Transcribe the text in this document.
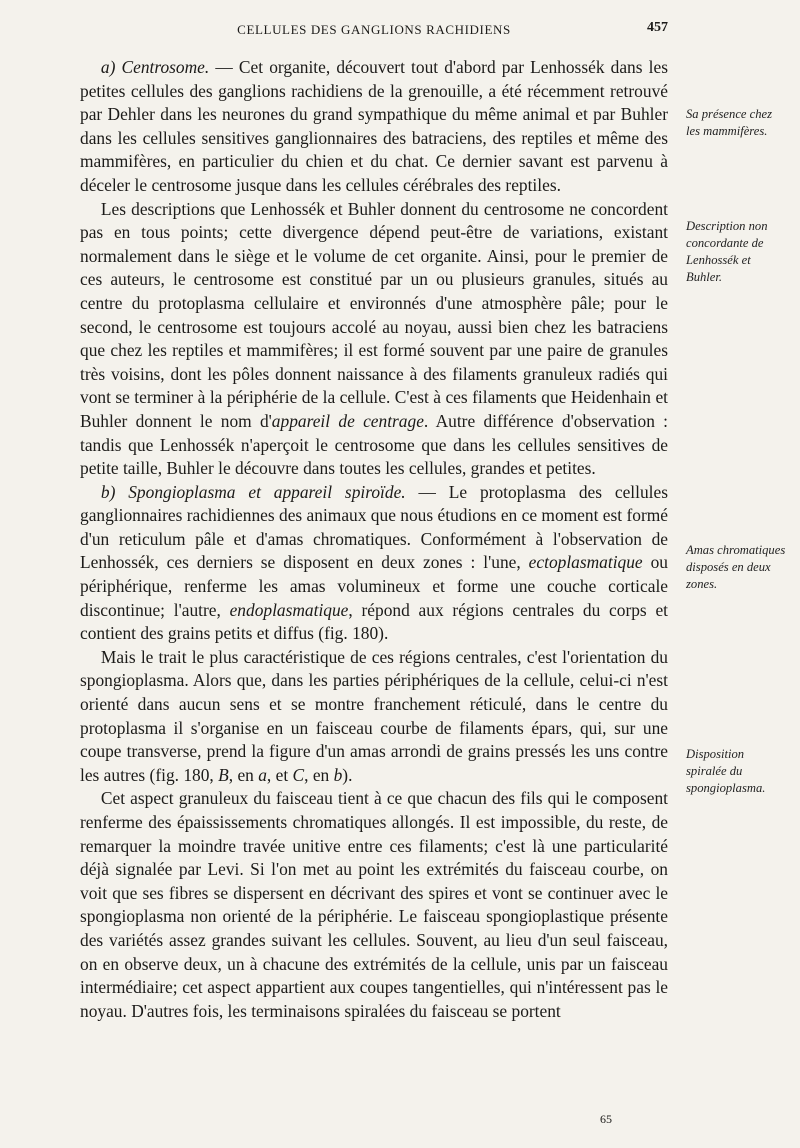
CELLULES DES GANGLIONS RACHIDIENS	457

a) Centrosome. — Cet organite, découvert tout d'abord par Lenhossék dans les petites cellules des ganglions rachidiens de la grenouille, a été récemment retrouvé par Dehler dans les neurones du grand sympathique du même animal et par Buhler dans les cellules sensitives ganglionnaires des batraciens, des reptiles et même des mammifères, en particulier du chien et du chat. Ce dernier savant est parvenu à déceler le centrosome jusque dans les cellules cérébrales des reptiles.

Les descriptions que Lenhossék et Buhler donnent du centrosome ne concordent pas en tous points; cette divergence dépend peut-être de variations, existant normalement dans le siège et le volume de cet organite. Ainsi, pour le premier de ces auteurs, le centrosome est constitué par un ou plusieurs granules, situés au centre du protoplasma cellulaire et environnés d'une atmosphère pâle; pour le second, le centrosome est toujours accolé au noyau, aussi bien chez les batraciens que chez les reptiles et mammifères; il est formé souvent par une paire de granules très voisins, dont les pôles donnent naissance à des filaments granuleux radiés qui vont se terminer à la périphérie de la cellule. C'est à ces filaments que Heidenhain et Buhler donnent le nom d'appareil de centrage. Autre différence d'observation : tandis que Lenhossék n'aperçoit le centrosome que dans les cellules sensitives de petite taille, Buhler le découvre dans toutes les cellules, grandes et petites.

b) Spongioplasma et appareil spiroïde. — Le protoplasma des cellules ganglionnaires rachidiennes des animaux que nous étudions en ce moment est formé d'un reticulum pâle et d'amas chromatiques. Conformément à l'observation de Lenhossék, ces derniers se disposent en deux zones : l'une, ectoplasmatique ou périphérique, renferme les amas volumineux et forme une couche corticale discontinue; l'autre, endoplasmatique, répond aux régions centrales du corps et contient des grains petits et diffus (fig. 180).

Mais le trait le plus caractéristique de ces régions centrales, c'est l'orientation du spongioplasma. Alors que, dans les parties périphériques de la cellule, celui-ci n'est orienté dans aucun sens et se montre franchement réticulé, dans le centre du protoplasma il s'organise en un faisceau courbe de filaments épars, qui, sur une coupe transverse, prend la figure d'un amas arrondi de grains pressés les uns contre les autres (fig. 180, B, en a, et C, en b).

Cet aspect granuleux du faisceau tient à ce que chacun des fils qui le composent renferme des épaississements chromatiques allongés. Il est impossible, du reste, de remarquer la moindre travée unitive entre ces filaments; c'est là une particularité déjà signalée par Levi. Si l'on met au point les extrémités du faisceau courbe, on voit que ses fibres se dispersent en décrivant des spires et vont se continuer avec le spongioplasma non orienté de la périphérie. Le faisceau spongioplastique présente des variétés assez grandes suivant les cellules. Souvent, au lieu d'un seul faisceau, on en observe deux, un à chacune des extrémités de la cellule, unis par un faisceau intermédiaire; cet aspect appartient aux coupes tangentielles, qui n'intéressent pas le noyau. D'autres fois, les terminaisons spiralées du faisceau se portent

Sa présence chez les mammifères.
Description non concordante de Lenhossék et Buhler.
Amas chromatiques disposés en deux zones.
Disposition spiralée du spongioplasma.
65
